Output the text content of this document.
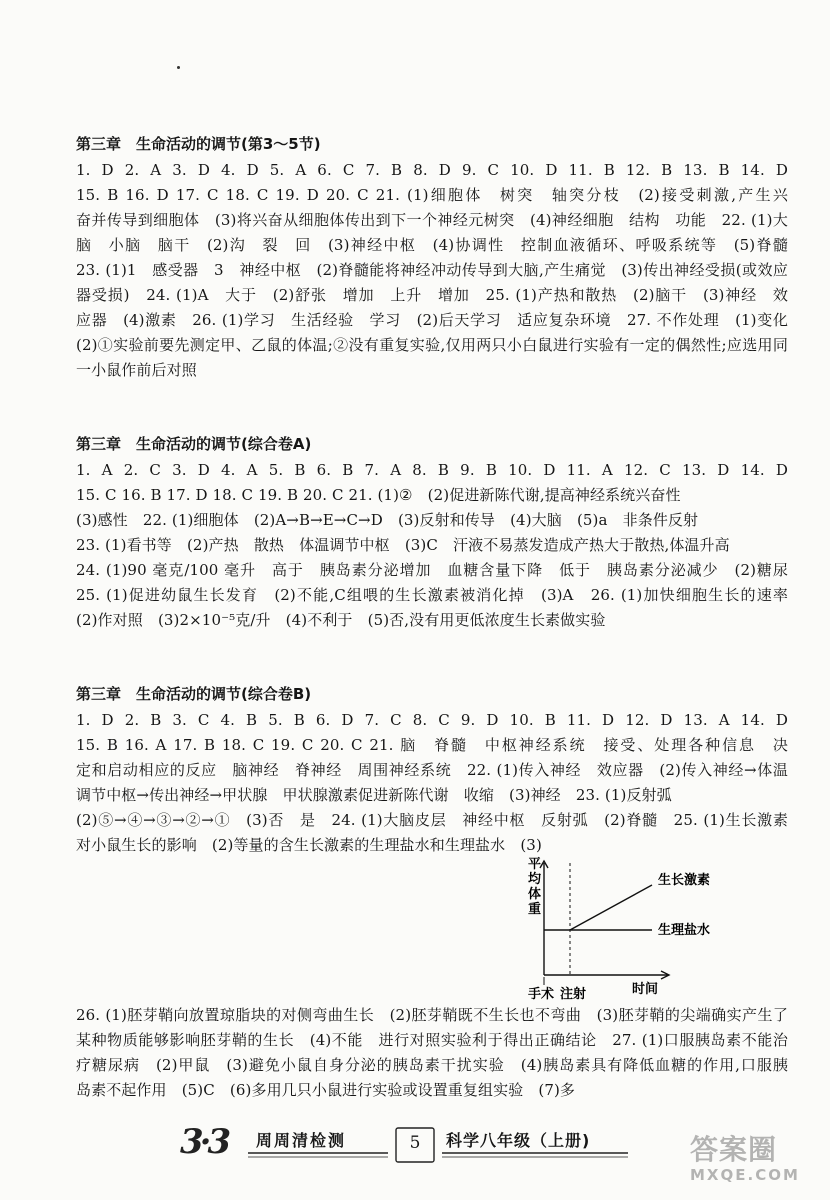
第三章　生命活动的调节(第3～5节)
1. D 2. A 3. D 4. D 5. A 6. C 7. B 8. D 9. C 10. D 11. B 12. B 13. B 14. D
15. B 16. D 17. C 18. C 19. D 20. C 21. (1)细胞体　树突　轴突分枝　(2)接受刺激,产生兴
奋并传导到细胞体　(3)将兴奋从细胞体传出到下一个神经元树突　(4)神经细胞　结构　功能　22. (1)大
脑　小脑　脑干　(2)沟　裂　回　(3)神经中枢　(4)协调性　控制血液循环、呼吸系统等　(5)脊髓
23. (1)1　感受器　3　神经中枢　(2)脊髓能将神经冲动传导到大脑,产生痛觉　(3)传出神经受损(或效应
器受损)　24. (1)A　大于　(2)舒张　增加　上升　增加　25. (1)产热和散热　(2)脑干　(3)神经　效
应器　(4)激素　26. (1)学习　生活经验　学习　(2)后天学习　适应复杂环境　27. 不作处理　(1)变化
(2)①实验前要先测定甲、乙鼠的体温;②没有重复实验,仅用两只小白鼠进行实验有一定的偶然性;应选用同
一小鼠作前后对照
第三章　生命活动的调节(综合卷A)
1. A 2. C 3. D 4. A 5. B 6. B 7. A 8. B 9. B 10. D 11. A 12. C 13. D 14. D
15. C 16. B 17. D 18. C 19. B 20. C 21. (1)②　(2)促进新陈代谢,提高神经系统兴奋性
(3)感性　22. (1)细胞体　(2)A→B→E→C→D　(3)反射和传导　(4)大脑　(5)a　非条件反射
23. (1)看书等　(2)产热　散热　体温调节中枢　(3)C　汗液不易蒸发造成产热大于散热,体温升高
24. (1)90 毫克/100 毫升　高于　胰岛素分泌增加　血糖含量下降　低于　胰岛素分泌减少　(2)糖尿
25. (1)促进幼鼠生长发育　(2)不能,C组喂的生长激素被消化掉　(3)A　26. (1)加快细胞生长的速率
(2)作对照　(3)2×10⁻⁵克/升　(4)不利于　(5)否,没有用更低浓度生长素做实验
第三章　生命活动的调节(综合卷B)
1. D 2. B 3. C 4. B 5. B 6. D 7. C 8. C 9. D 10. B 11. D 12. D 13. A 14. D
15. B 16. A 17. B 18. C 19. C 20. C 21. 脑　脊髓　中枢神经系统　接受、处理各种信息　决
定和启动相应的反应　脑神经　脊神经　周围神经系统　22. (1)传入神经　效应器　(2)传入神经→体温
调节中枢→传出神经→甲状腺　甲状腺激素促进新陈代谢　收缩　(3)神经　23. (1)反射弧
(2)⑤→④→③→②→①　(3)否　是　24. (1)大脑皮层　神经中枢　反射弧　(2)脊髓　25. (1)生长激素
对小鼠生长的影响　(2)等量的含生长激素的生理盐水和生理盐水　(3)
平
均
体
重
生长激素
生理盐水
时间
手术 注射
26. (1)胚芽鞘向放置琼脂块的对侧弯曲生长　(2)胚芽鞘既不生长也不弯曲　(3)胚芽鞘的尖端确实产生了
某种物质能够影响胚芽鞘的生长　(4)不能　进行对照实验利于得出正确结论　27. (1)口服胰岛素不能治
疗糖尿病　(2)甲鼠　(3)避免小鼠自身分泌的胰岛素干扰实验　(4)胰岛素具有降低血糖的作用,口服胰
岛素不起作用　(5)C　(6)多用几只小鼠进行实验或设置重复组实验　(7)多
3·3 周周清检测	5	科学八年级（上册)	答案圈
MXQE.COM
